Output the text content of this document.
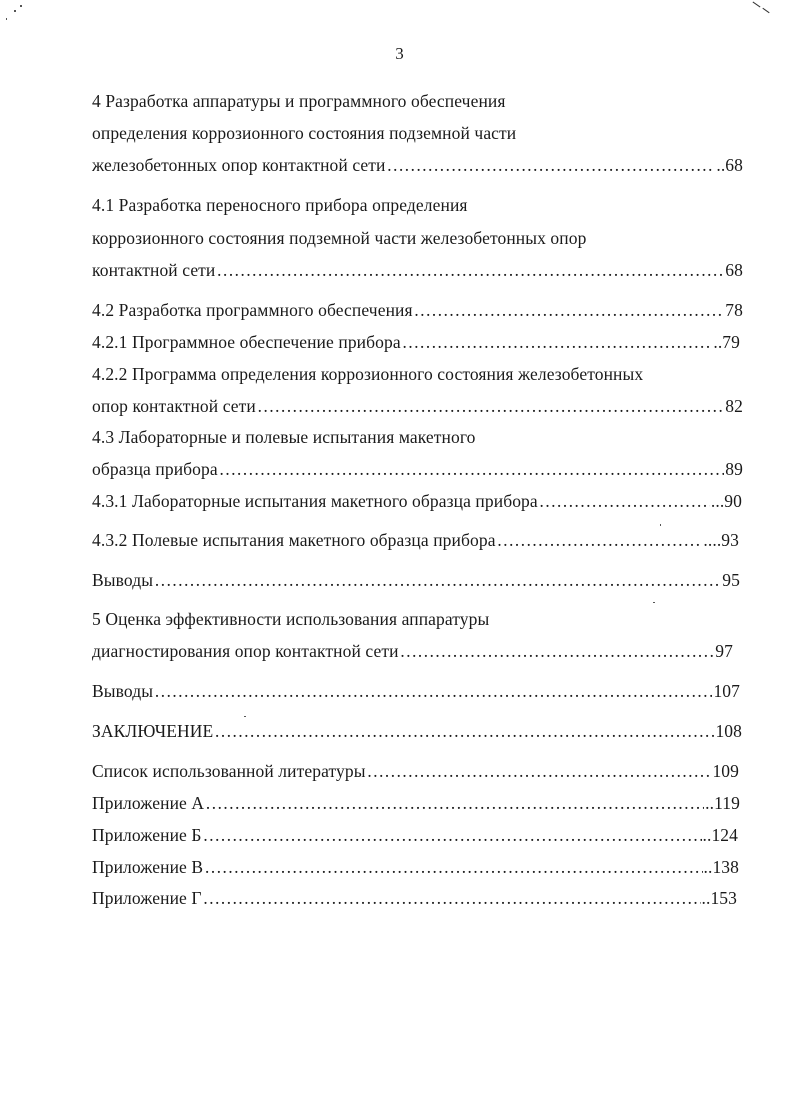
3
4 Разработка аппаратуры и программного обеспечения
определения коррозионного состояния подземной части
железобетонных опор контактной сети ……………………………………………………………………………………………………………………………………………………………………	..68
4.1 Разработка переносного прибора определения
коррозионного состояния подземной части железобетонных опор
контактной сети ……………………………………………………………………………………………………………………………………………………………………	68
4.2 Разработка программного обеспечения ……………………………………………………………………………………………………………………………………………………………………	78
4.2.1 Программное обеспечение прибора ……………………………………………………………………………………………………………………………………………………………………	..79
4.2.2 Программа определения коррозионного состояния железобетонных
опор контактной сети ……………………………………………………………………………………………………………………………………………………………………	82
4.3 Лабораторные и полевые испытания макетного
образца прибора ……………………………………………………………………………………………………………………………………………………………………	89
4.3.1 Лабораторные испытания макетного образца прибора ……………………………………………………………………………………………………………………………………………………………………	...90
4.3.2 Полевые испытания макетного образца прибора ……………………………………………………………………………………………………………………………………………………………………	....93
Выводы ……………………………………………………………………………………………………………………………………………………………………	95
5 Оценка эффективности использования аппаратуры
диагностирования опор контактной сети ……………………………………………………………………………………………………………………………………………………………………	97
Выводы ……………………………………………………………………………………………………………………………………………………………………	107
ЗАКЛЮЧЕНИЕ ……………………………………………………………………………………………………………………………………………………………………	108
Список использованной литературы ……………………………………………………………………………………………………………………………………………………………………	109
Приложение А ……………………………………………………………………………………………………………………………………………………………………	..119
Приложение Б ……………………………………………………………………………………………………………………………………………………………………	..124
Приложение В ……………………………………………………………………………………………………………………………………………………………………	..138
Приложение Г ……………………………………………………………………………………………………………………………………………………………………	..153
